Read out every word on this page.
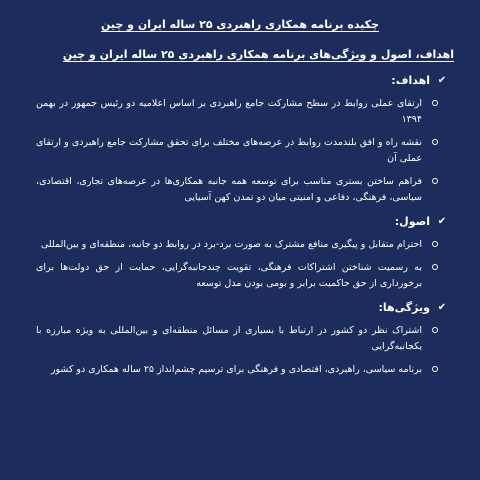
چکیده برنامه همکاری راهبردی ۲۵ ساله ایران و چین
اهداف، اصول و ویژگی‌های برنامه همکاری راهبردی ۲۵ ساله ایران و چین
✔
اهداف:
ارتقای عملی روابط در سطح مشارکت جامع راهبردی بر اساس اعلامیه دو رئیس جمهور در بهمن ۱۳۹۴
نقشه راه و افق بلندمدت روابط در عرصه‌های مختلف برای تحقق مشارکت جامع راهبردی و ارتقای عملی آن
فراهم ساختن بستری مناسب برای توسعه همه جانبه همکاری‌ها در عرصه‌های تجاری، اقتصادی، سیاسی، فرهنگی، دفاعی و امنیتی میان دو تمدن کهن آسیایی
✔
اصول:
احترام متقابل و پیگیری منافع مشترک به صورت برد-برد در روابط دو جانبه، منطقه‌ای و بین‌المللی
به رسمیت شناختن اشتراکات فرهنگی، تقویت چندجانبه‌گرایی، حمایت از حق دولت‌ها برای برخورداری از حق حاکمیت برابر و بومی بودن مدل توسعه
✔
ویژگی‌ها:
اشتراک نظر دو کشور در ارتباط با بسیاری از مسائل منطقه‌ای و بین‌المللی به ویژه مبارزه با یکجانبه‌گرایی
برنامه سیاسی، راهبردی، اقتصادی و فرهنگی برای ترسیم چشم‌انداز ۲۵ ساله همکاری دو کشور
